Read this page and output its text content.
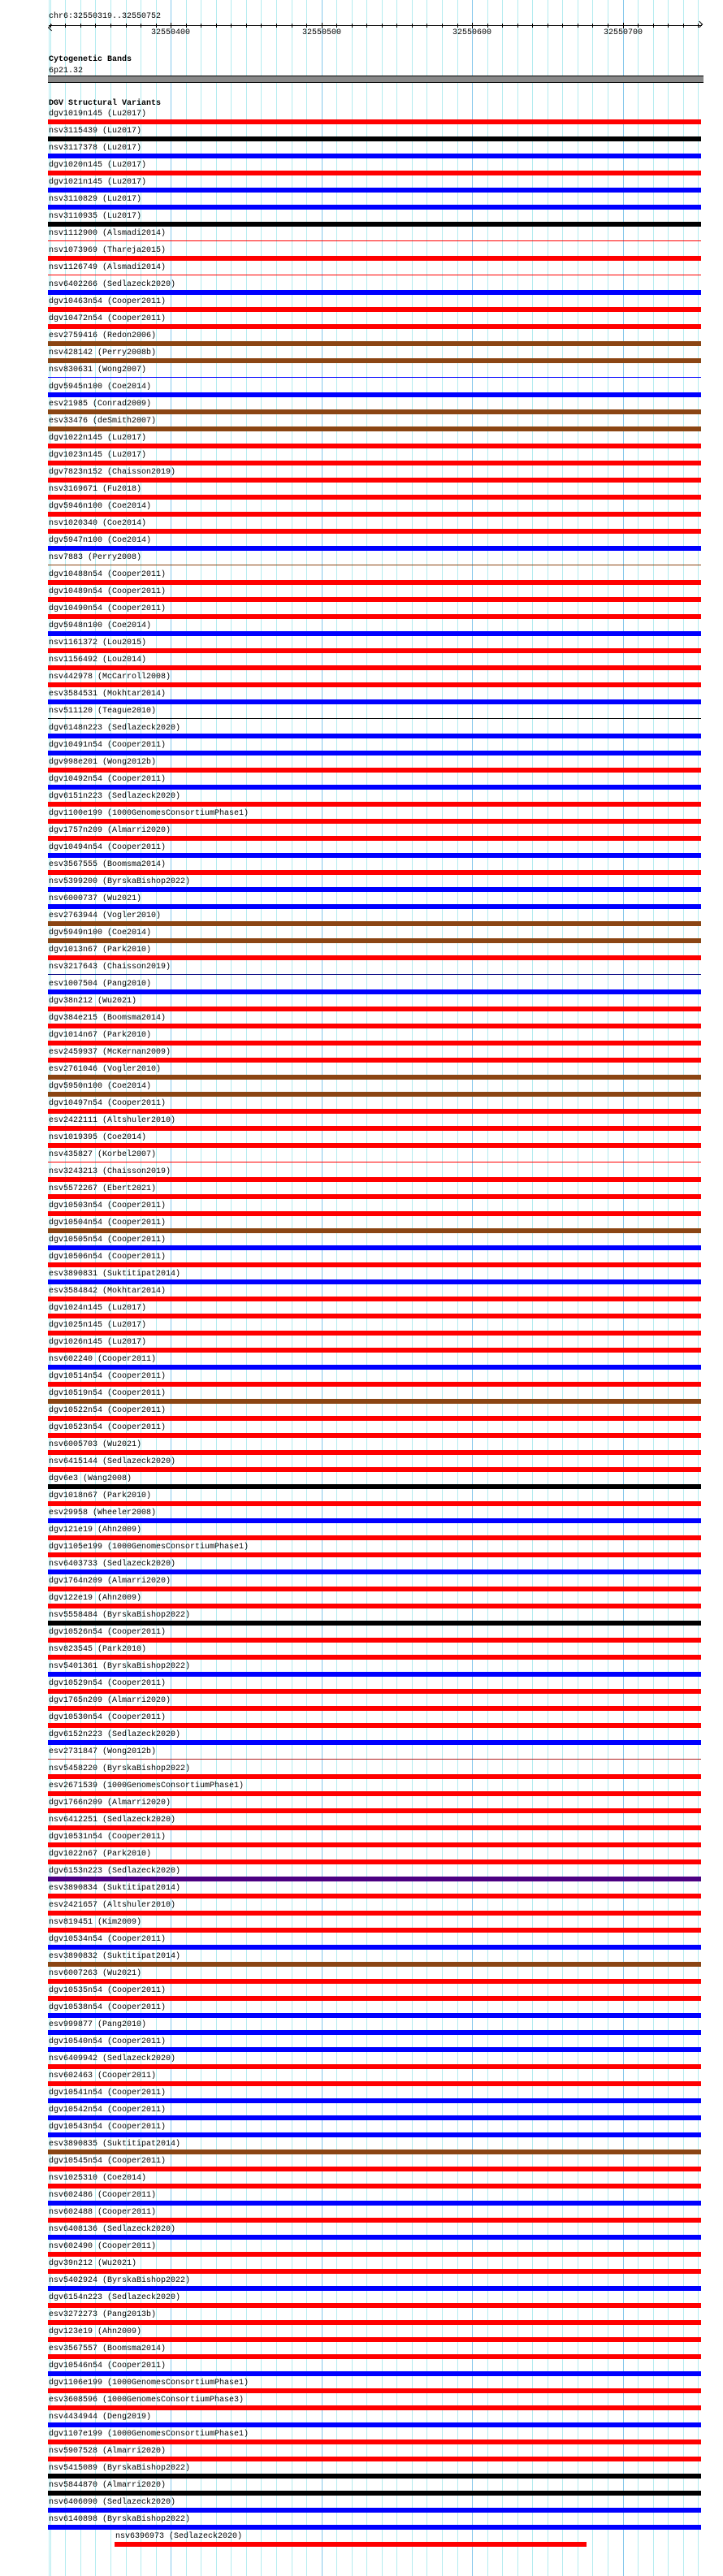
chr6:32550319..32550752
32550400	32550500	32550600	32550700
Cytogenetic Bands
6p21.32
DGV Structural Variants
dgv1019n145 (Lu2017)
nsv3115439 (Lu2017)
nsv3117378 (Lu2017)
dgv1020n145 (Lu2017)
dgv1021n145 (Lu2017)
nsv3110829 (Lu2017)
nsv3110935 (Lu2017)
nsv1112900 (Alsmadi2014)
nsv1073969 (Thareja2015)
nsv1126749 (Alsmadi2014)
nsv6402266 (Sedlazeck2020)
dgv10463n54 (Cooper2011)
dgv10472n54 (Cooper2011)
esv2759416 (Redon2006)
nsv428142 (Perry2008b)
nsv830631 (Wong2007)
dgv5945n100 (Coe2014)
esv21985 (Conrad2009)
esv33476 (deSmith2007)
dgv1022n145 (Lu2017)
dgv1023n145 (Lu2017)
dgv7823n152 (Chaisson2019)
nsv3169671 (Fu2018)
dgv5946n100 (Coe2014)
nsv1020340 (Coe2014)
dgv5947n100 (Coe2014)
nsv7883 (Perry2008)
dgv10488n54 (Cooper2011)
dgv10489n54 (Cooper2011)
dgv10490n54 (Cooper2011)
dgv5948n100 (Coe2014)
nsv1161372 (Lou2015)
nsv1156492 (Lou2014)
nsv442978 (McCarroll2008)
esv3584531 (Mokhtar2014)
nsv511120 (Teague2010)
dgv6148n223 (Sedlazeck2020)
dgv10491n54 (Cooper2011)
dgv998e201 (Wong2012b)
dgv10492n54 (Cooper2011)
dgv6151n223 (Sedlazeck2020)
dgv1100e199 (1000GenomesConsortiumPhase1)
dgv1757n209 (Almarri2020)
dgv10494n54 (Cooper2011)
esv3567555 (Boomsma2014)
nsv5399200 (ByrskaBishop2022)
nsv6000737 (Wu2021)
esv2763944 (Vogler2010)
dgv5949n100 (Coe2014)
dgv1013n67 (Park2010)
nsv3217643 (Chaisson2019)
esv1007504 (Pang2010)
dgv38n212 (Wu2021)
dgv384e215 (Boomsma2014)
dgv1014n67 (Park2010)
esv2459937 (McKernan2009)
esv2761046 (Vogler2010)
dgv5950n100 (Coe2014)
dgv10497n54 (Cooper2011)
esv2422111 (Altshuler2010)
nsv1019395 (Coe2014)
nsv435827 (Korbel2007)
nsv3243213 (Chaisson2019)
nsv5572267 (Ebert2021)
dgv10503n54 (Cooper2011)
dgv10504n54 (Cooper2011)
dgv10505n54 (Cooper2011)
dgv10506n54 (Cooper2011)
esv3890831 (Suktitipat2014)
esv3584842 (Mokhtar2014)
dgv1024n145 (Lu2017)
dgv1025n145 (Lu2017)
dgv1026n145 (Lu2017)
nsv602240 (Cooper2011)
dgv10514n54 (Cooper2011)
dgv10519n54 (Cooper2011)
dgv10522n54 (Cooper2011)
dgv10523n54 (Cooper2011)
nsv6005703 (Wu2021)
nsv6415144 (Sedlazeck2020)
dgv6e3 (Wang2008)
dgv1018n67 (Park2010)
esv29958 (Wheeler2008)
dgv121e19 (Ahn2009)
dgv1105e199 (1000GenomesConsortiumPhase1)
nsv6403733 (Sedlazeck2020)
dgv1764n209 (Almarri2020)
dgv122e19 (Ahn2009)
nsv5558484 (ByrskaBishop2022)
dgv10526n54 (Cooper2011)
nsv823545 (Park2010)
nsv5401361 (ByrskaBishop2022)
dgv10529n54 (Cooper2011)
dgv1765n209 (Almarri2020)
dgv10530n54 (Cooper2011)
dgv6152n223 (Sedlazeck2020)
esv2731847 (Wong2012b)
nsv5458220 (ByrskaBishop2022)
esv2671539 (1000GenomesConsortiumPhase1)
dgv1766n209 (Almarri2020)
nsv6412251 (Sedlazeck2020)
dgv10531n54 (Cooper2011)
dgv1022n67 (Park2010)
dgv6153n223 (Sedlazeck2020)
esv3890834 (Suktitipat2014)
esv2421657 (Altshuler2010)
nsv819451 (Kim2009)
dgv10534n54 (Cooper2011)
esv3890832 (Suktitipat2014)
nsv6007263 (Wu2021)
dgv10535n54 (Cooper2011)
dgv10538n54 (Cooper2011)
esv999877 (Pang2010)
dgv10540n54 (Cooper2011)
nsv6409942 (Sedlazeck2020)
nsv602463 (Cooper2011)
dgv10541n54 (Cooper2011)
dgv10542n54 (Cooper2011)
dgv10543n54 (Cooper2011)
esv3890835 (Suktitipat2014)
dgv10545n54 (Cooper2011)
nsv1025310 (Coe2014)
nsv602486 (Cooper2011)
nsv602488 (Cooper2011)
nsv6408136 (Sedlazeck2020)
nsv602490 (Cooper2011)
dgv39n212 (Wu2021)
nsv5402924 (ByrskaBishop2022)
dgv6154n223 (Sedlazeck2020)
esv3272273 (Pang2013b)
dgv123e19 (Ahn2009)
esv3567557 (Boomsma2014)
dgv10546n54 (Cooper2011)
dgv1106e199 (1000GenomesConsortiumPhase1)
esv3608596 (1000GenomesConsortiumPhase3)
nsv4434944 (Deng2019)
dgv1107e199 (1000GenomesConsortiumPhase1)
nsv5907528 (Almarri2020)
nsv5415089 (ByrskaBishop2022)
nsv5844870 (Almarri2020)
nsv6406090 (Sedlazeck2020)
nsv6140898 (ByrskaBishop2022)
nsv6396973 (Sedlazeck2020)
